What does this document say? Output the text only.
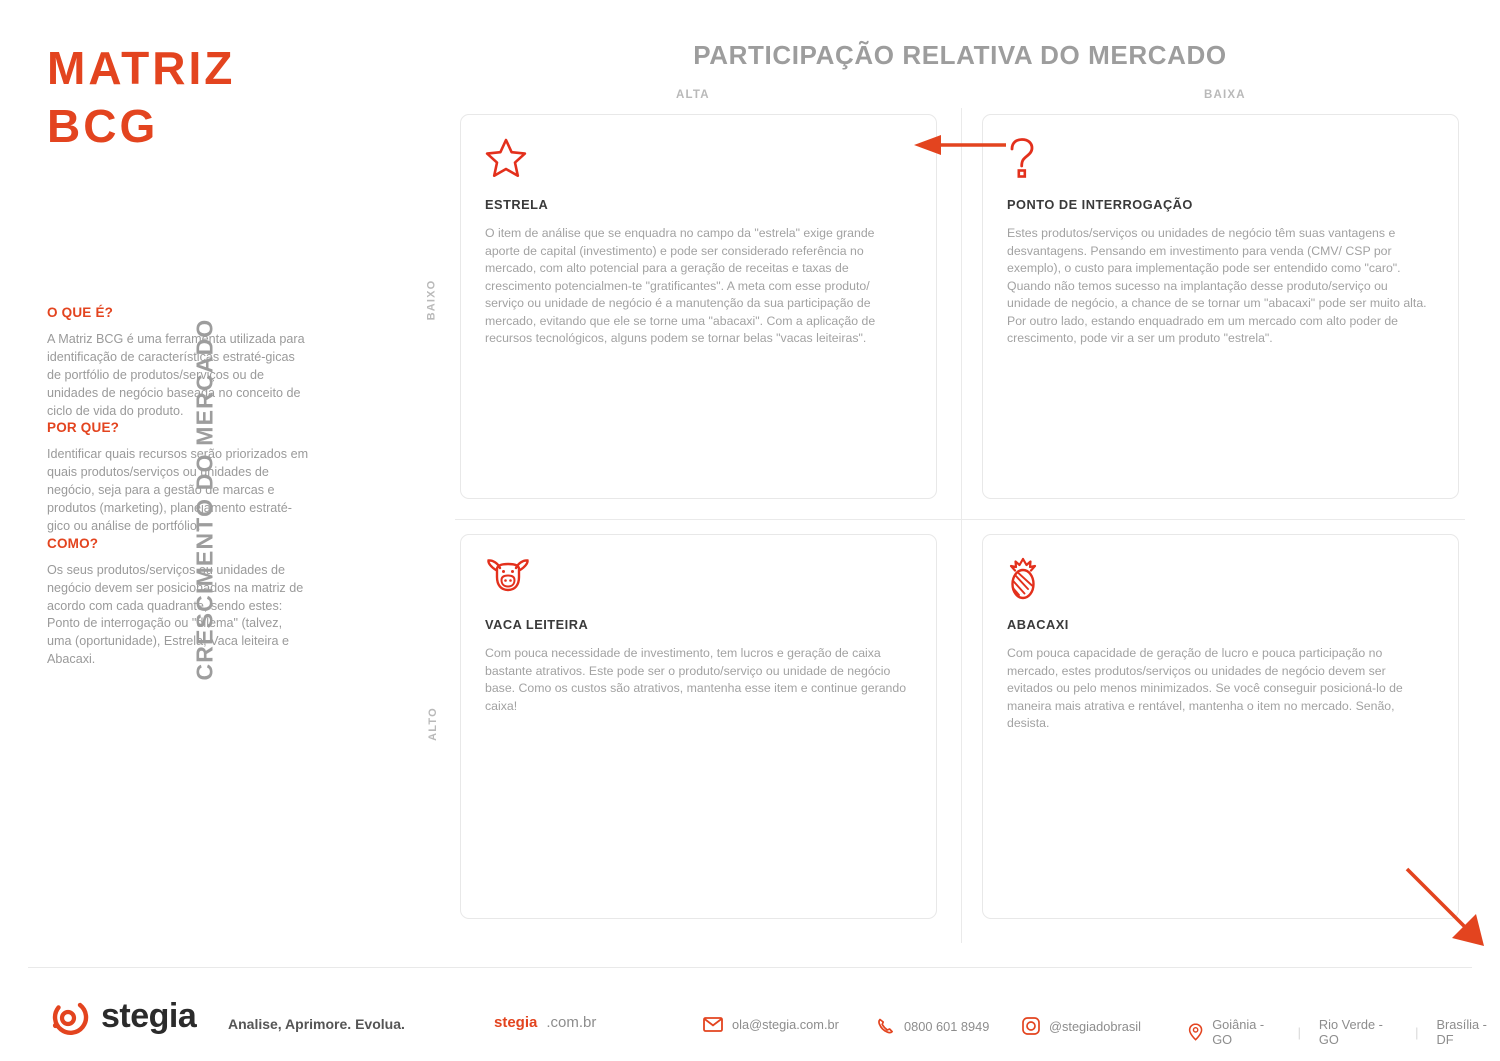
MATRIZ
BCG
O QUE É?
A Matriz BCG é uma ferramenta utilizada para identificação de características estraté-gicas de portfólio de produtos/serviços ou de unidades de negócio baseada no conceito de ciclo de vida do produto.
POR QUE?
Identificar quais recursos serão priorizados em quais produtos/serviços ou unidades de negócio, seja para a gestão de marcas e produtos (marketing), planejamento estraté-gico ou análise de portfólio.
COMO?
Os seus produtos/serviços ou unidades de negócio devem ser posicionados na matriz de acordo com cada quadrante, sendo estes: Ponto de interrogação ou "dilema" (talvez, uma (oportunidade), Estrela, Vaca leiteira e Abacaxi.
PARTICIPAÇÃO RELATIVA DO MERCADO
ALTA	BAIXA
CRESCIMENTO DO MERCADO
BAIXO
ALTO
ESTRELA
O item de análise que se enquadra no campo da "estrela" exige grande aporte de capital (investimento) e pode ser considerado referência no mercado, com alto potencial para a geração de receitas e taxas de crescimento potencialmen-te "gratificantes". A meta com esse produto/ serviço ou unidade de negócio é a manutenção da sua participação de mercado, evitando que ele se torne uma "abacaxi". Com a aplicação de recursos tecnológicos, alguns podem se tornar belas "vacas leiteiras".
PONTO DE INTERROGAÇÃO
Estes produtos/serviços ou unidades de negócio têm suas vantagens e desvantagens. Pensando em investimento para venda (CMV/ CSP por exemplo), o custo para implementação pode ser entendido como "caro". Quando não temos sucesso na implantação desse produto/serviço ou unidade de negócio, a chance de se tornar um "abacaxi" pode ser muito alta. Por outro lado, estando enquadrado em um mercado com alto poder de crescimento, pode vir a ser um produto "estrela".
VACA LEITEIRA
Com pouca necessidade de investimento, tem lucros e geração de caixa bastante atrativos. Este pode ser o produto/serviço ou unidade de negócio base. Como os custos são atrativos, mantenha esse item e continue gerando caixa!
ABACAXI
Com pouca capacidade de geração de lucro e pouca participação no mercado, estes produtos/serviços ou unidades de negócio devem ser evitados ou pelo menos minimizados. Se você conseguir posicioná-lo de maneira mais atrativa e rentável, mantenha o item no mercado. Senão, desista.
stegia Analise, Aprimore. Evolua.	stegia .com.br	ola@stegia.com.br	0800 601 8949	@stegiadobrasil	Goiânia - GO	| Rio Verde - GO	| Brasília - DF
